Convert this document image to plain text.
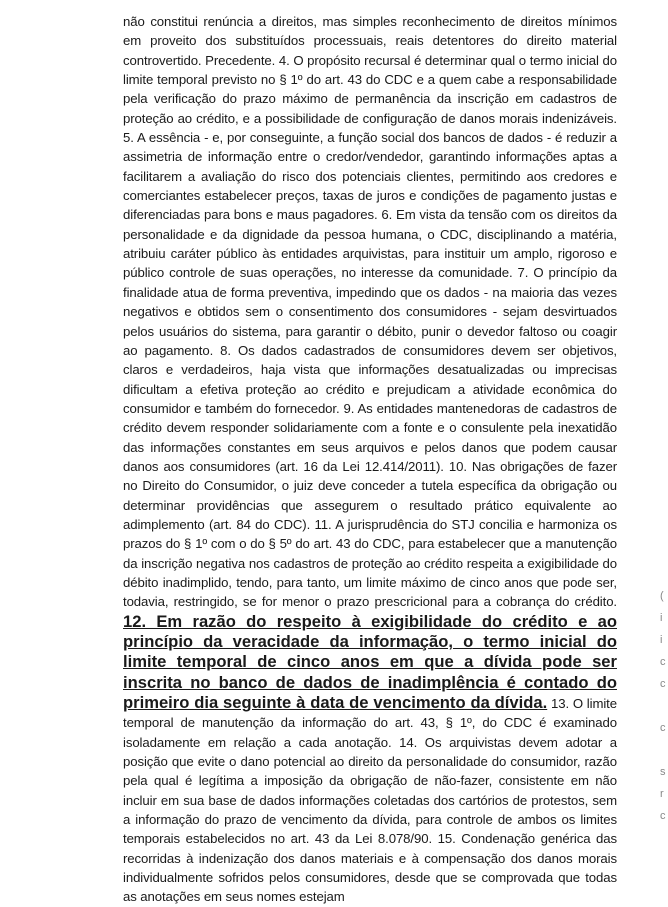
não constitui renúncia a direitos, mas simples reconhecimento de direitos mínimos em proveito dos substituídos processuais, reais detentores do direito material controvertido. Precedente. 4. O propósito recursal é determinar qual o termo inicial do limite temporal previsto no § 1º do art. 43 do CDC e a quem cabe a responsabilidade pela verificação do prazo máximo de permanência da inscrição em cadastros de proteção ao crédito, e a possibilidade de configuração de danos morais indenizáveis. 5. A essência - e, por conseguinte, a função social dos bancos de dados - é reduzir a assimetria de informação entre o credor/vendedor, garantindo informações aptas a facilitarem a avaliação do risco dos potenciais clientes, permitindo aos credores e comerciantes estabelecer preços, taxas de juros e condições de pagamento justas e diferenciadas para bons e maus pagadores. 6. Em vista da tensão com os direitos da personalidade e da dignidade da pessoa humana, o CDC, disciplinando a matéria, atribuiu caráter público às entidades arquivistas, para instituir um amplo, rigoroso e público controle de suas operações, no interesse da comunidade. 7. O princípio da finalidade atua de forma preventiva, impedindo que os dados - na maioria das vezes negativos e obtidos sem o consentimento dos consumidores - sejam desvirtuados pelos usuários do sistema, para garantir o débito, punir o devedor faltoso ou coagir ao pagamento. 8. Os dados cadastrados de consumidores devem ser objetivos, claros e verdadeiros, haja vista que informações desatualizadas ou imprecisas dificultam a efetiva proteção ao crédito e prejudicam a atividade econômica do consumidor e também do fornecedor. 9. As entidades mantenedoras de cadastros de crédito devem responder solidariamente com a fonte e o consulente pela inexatidão das informações constantes em seus arquivos e pelos danos que podem causar danos aos consumidores (art. 16 da Lei 12.414/2011). 10. Nas obrigações de fazer no Direito do Consumidor, o juiz deve conceder a tutela específica da obrigação ou determinar providências que assegurem o resultado prático equivalente ao adimplemento (art. 84 do CDC). 11. A jurisprudência do STJ concilia e harmoniza os prazos do § 1º com o do § 5º do art. 43 do CDC, para estabelecer que a manutenção da inscrição negativa nos cadastros de proteção ao crédito respeita a exigibilidade do débito inadimplido, tendo, para tanto, um limite máximo de cinco anos que pode ser, todavia, restringido, se for menor o prazo prescricional para a cobrança do crédito. 12. Em razão do respeito à exigibilidade do crédito e ao princípio da veracidade da informação, o termo inicial do limite temporal de cinco anos em que a dívida pode ser inscrita no banco de dados de inadimplência é contado do primeiro dia seguinte à data de vencimento da dívida. 13. O limite temporal de manutenção da informação do art. 43, § 1º, do CDC é examinado isoladamente em relação a cada anotação. 14. Os arquivistas devem adotar a posição que evite o dano potencial ao direito da personalidade do consumidor, razão pela qual é legítima a imposição da obrigação de não-fazer, consistente em não incluir em sua base de dados informações coletadas dos cartórios de protestos, sem a informação do prazo de vencimento da dívida, para controle de ambos os limites temporais estabelecidos no art. 43 da Lei 8.078/90. 15. Condenação genérica das recorridas à indenização dos danos materiais e à compensação dos danos morais individualmente sofridos pelos consumidores, desde que se comprovada que todas as anotações em seus nomes estejam

(
i
i
c
c
c
s
r
c
